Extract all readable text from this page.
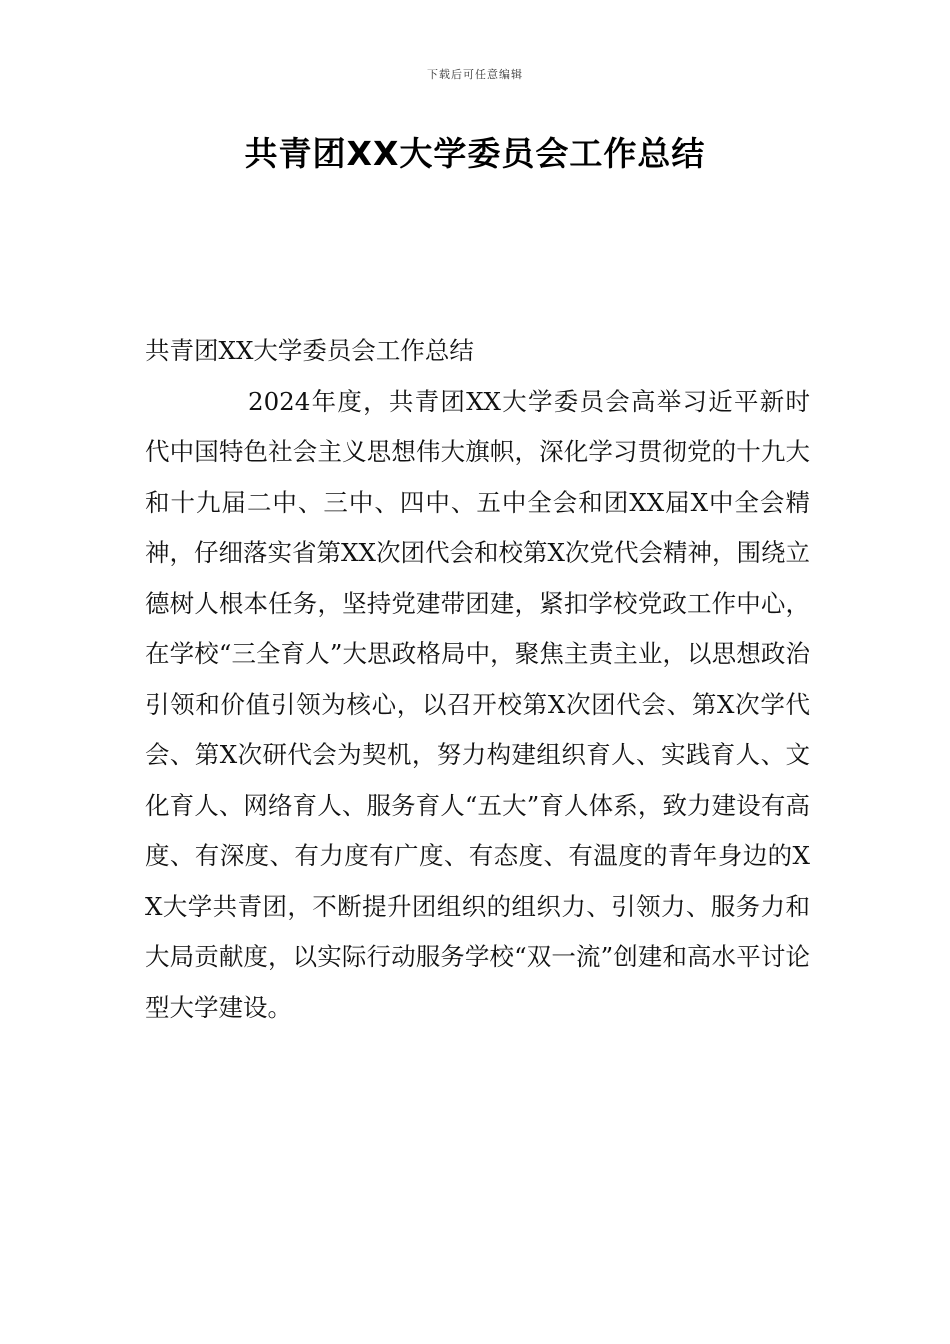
下载后可任意编辑
共青团XX大学委员会工作总结

共青团XX大学委员会工作总结

2024年度，共青团XX大学委员会高举习近平新时代中国特色社会主义思想伟大旗帜，深化学习贯彻党的十九大和十九届二中、三中、四中、五中全会和团XX届X中全会精神，仔细落实省第XX次团代会和校第X次党代会精神，围绕立德树人根本任务，坚持党建带团建，紧扣学校党政工作中心，在学校“三全育人”大思政格局中，聚焦主责主业，以思想政治引领和价值引领为核心，以召开校第X次团代会、第X次学代会、第X次研代会为契机，努力构建组织育人、实践育人、文化育人、网络育人、服务育人“五大”育人体系，致力建设有高度、有深度、有力度有广度、有态度、有温度的青年身边的XX大学共青团，不断提升团组织的组织力、引领力、服务力和大局贡献度，以实际行动服务学校“双一流”创建和高水平讨论型大学建设。
